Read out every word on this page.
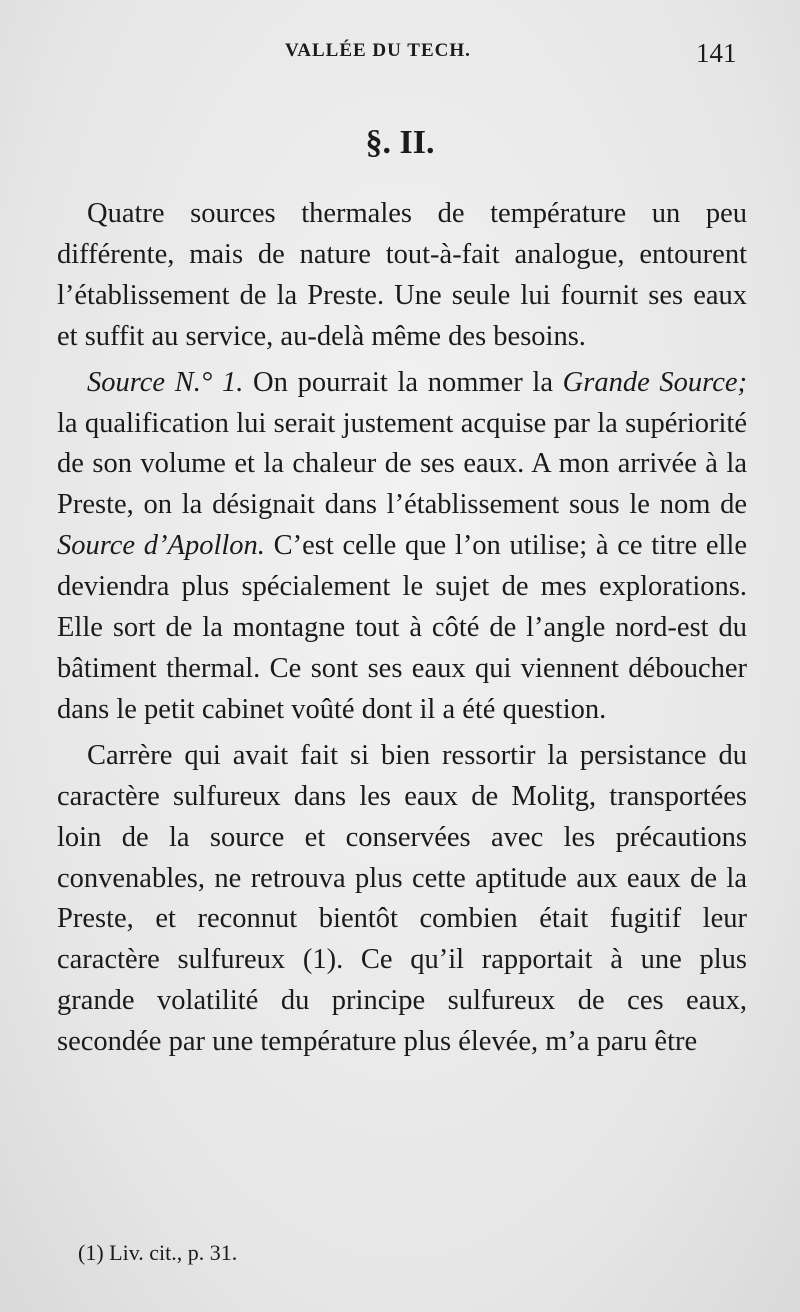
VALLÉE DU TECH.	141
§. II.

Quatre sources thermales de température un peu différente, mais de nature tout-à-fait analogue, entourent l’établissement de la Preste. Une seule lui fournit ses eaux et suffit au service, au-delà même des besoins.

Source N.° 1. On pourrait la nommer la Grande Source; la qualification lui serait justement acquise par la supériorité de son volume et la chaleur de ses eaux. A mon arrivée à la Preste, on la désignait dans l’établissement sous le nom de Source d’Apollon. C’est celle que l’on utilise; à ce titre elle deviendra plus spécialement le sujet de mes explorations. Elle sort de la montagne tout à côté de l’angle nord-est du bâtiment thermal. Ce sont ses eaux qui viennent déboucher dans le petit cabinet voûté dont il a été question.

Carrère qui avait fait si bien ressortir la persistance du caractère sulfureux dans les eaux de Molitg, transportées loin de la source et conservées avec les précautions convenables, ne retrouva plus cette aptitude aux eaux de la Preste, et reconnut bientôt combien était fugitif leur caractère sulfureux (1). Ce qu’il rapportait à une plus grande volatilité du principe sulfureux de ces eaux, secondée par une température plus élevée, m’a paru être

(1) Liv. cit., p. 31.
